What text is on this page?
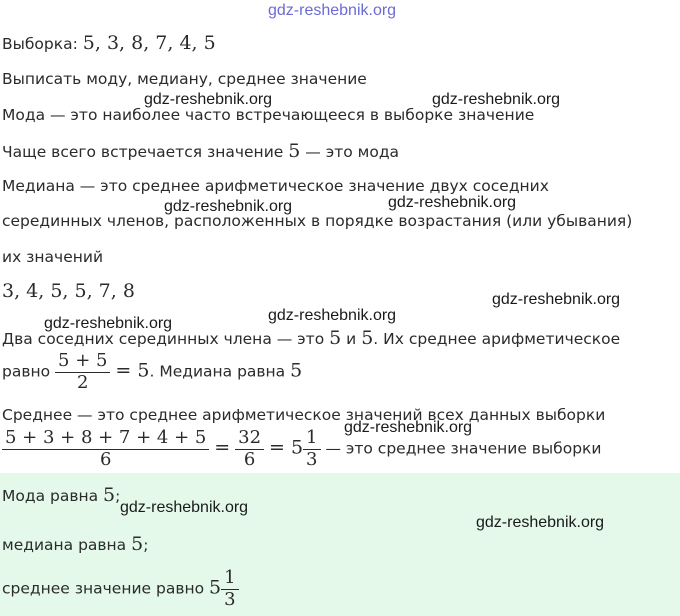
gdz-reshebnik.org
gdz-reshebnik.org	gdz-reshebnik.org
gdz-reshebnik.org	gdz-reshebnik.org
gdz-reshebnik.org
gdz-reshebnik.org
gdz-reshebnik.org
gdz-reshebnik.org
gdz-reshebnik.org
gdz-reshebnik.org
Выборка: 5, 3, 8, 7, 4, 5
Выписать моду, медиану, среднее значение
Мода — это наиболее часто встречающееся в выборке значение
Чаще всего встречается значение 5 — это мода
Медиана — это среднее арифметическое значение двух соседних
серединных членов, расположенных в порядке возрастания (или убывания)
их значений
3, 4, 5, 5, 7, 8
Два соседних серединных члена — это 5 и 5. Их среднее арифметическое
равно $\frac{5 + 5}{2} = 5$. Медиана равна 5
Среднее — это среднее арифметическое значений всех данных выборки
$\frac{5 + 3 + 8 + 7 + 4 + 5}{6} = \frac{32}{6} = 5 \frac{1}{3}$ — это среднее значение выборки
Мода равна 5;
медиана равна 5;
среднее значение равно $5 \frac{1}{3}$
